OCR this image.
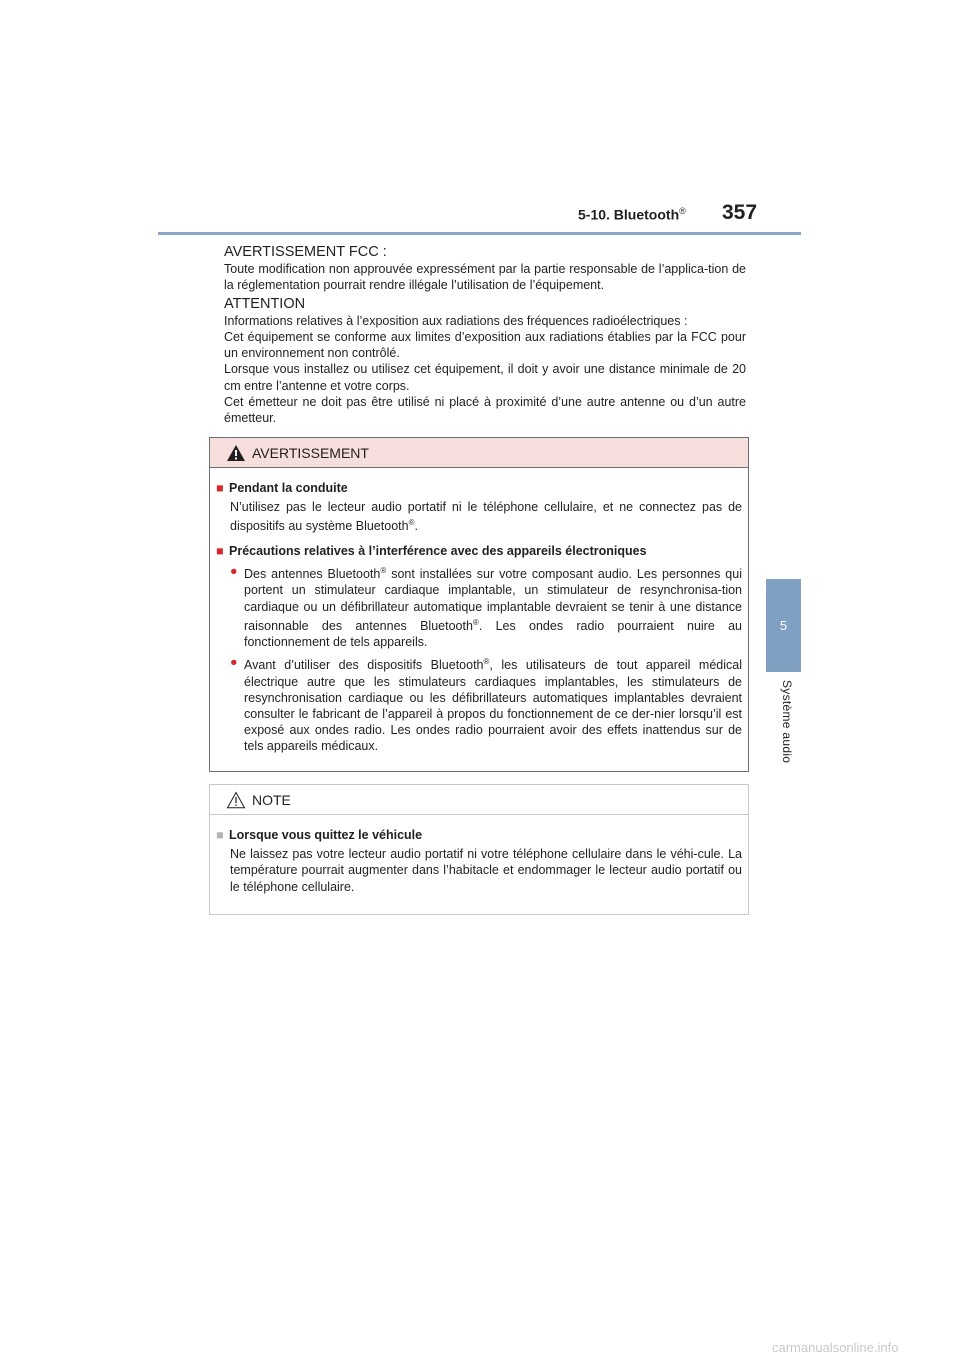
5-10. Bluetooth® 357
5
Système audio

AVERTISSEMENT FCC :

Toute modification non approuvée expressément par la partie responsable de l’applica-tion de la réglementation pourrait rendre illégale l’utilisation de l’équipement.

ATTENTION

Informations relatives à l’exposition aux radiations des fréquences radioélectriques :

Cet équipement se conforme aux limites d’exposition aux radiations établies par la FCC pour un environnement non contrôlé.

Lorsque vous installez ou utilisez cet équipement, il doit y avoir une distance minimale de 20 cm entre l’antenne et votre corps.

Cet émetteur ne doit pas être utilisé ni placé à proximité d’une autre antenne ou d’un autre émetteur.

AVERTISSEMENT

■ Pendant la conduite

N’utilisez pas le lecteur audio portatif ni le téléphone cellulaire, et ne connectez pas de dispositifs au système Bluetooth®.

■ Précautions relatives à l’interférence avec des appareils électroniques

● Des antennes Bluetooth® sont installées sur votre composant audio. Les personnes qui portent un stimulateur cardiaque implantable, un stimulateur de resynchronisa-tion cardiaque ou un défibrillateur automatique implantable devraient se tenir à une distance raisonnable des antennes Bluetooth®. Les ondes radio pourraient nuire au fonctionnement de tels appareils.
● Avant d’utiliser des dispositifs Bluetooth®, les utilisateurs de tout appareil médical électrique autre que les stimulateurs cardiaques implantables, les stimulateurs de resynchronisation cardiaque ou les défibrillateurs automatiques implantables devraient consulter le fabricant de l’appareil à propos du fonctionnement de ce der-nier lorsqu’il est exposé aux ondes radio. Les ondes radio pourraient avoir des effets inattendus sur de tels appareils médicaux.
NOTE

■ Lorsque vous quittez le véhicule

Ne laissez pas votre lecteur audio portatif ni votre téléphone cellulaire dans le véhi-cule. La température pourrait augmenter dans l’habitacle et endommager le lecteur audio portatif ou le téléphone cellulaire.

carmanualsonline.info
